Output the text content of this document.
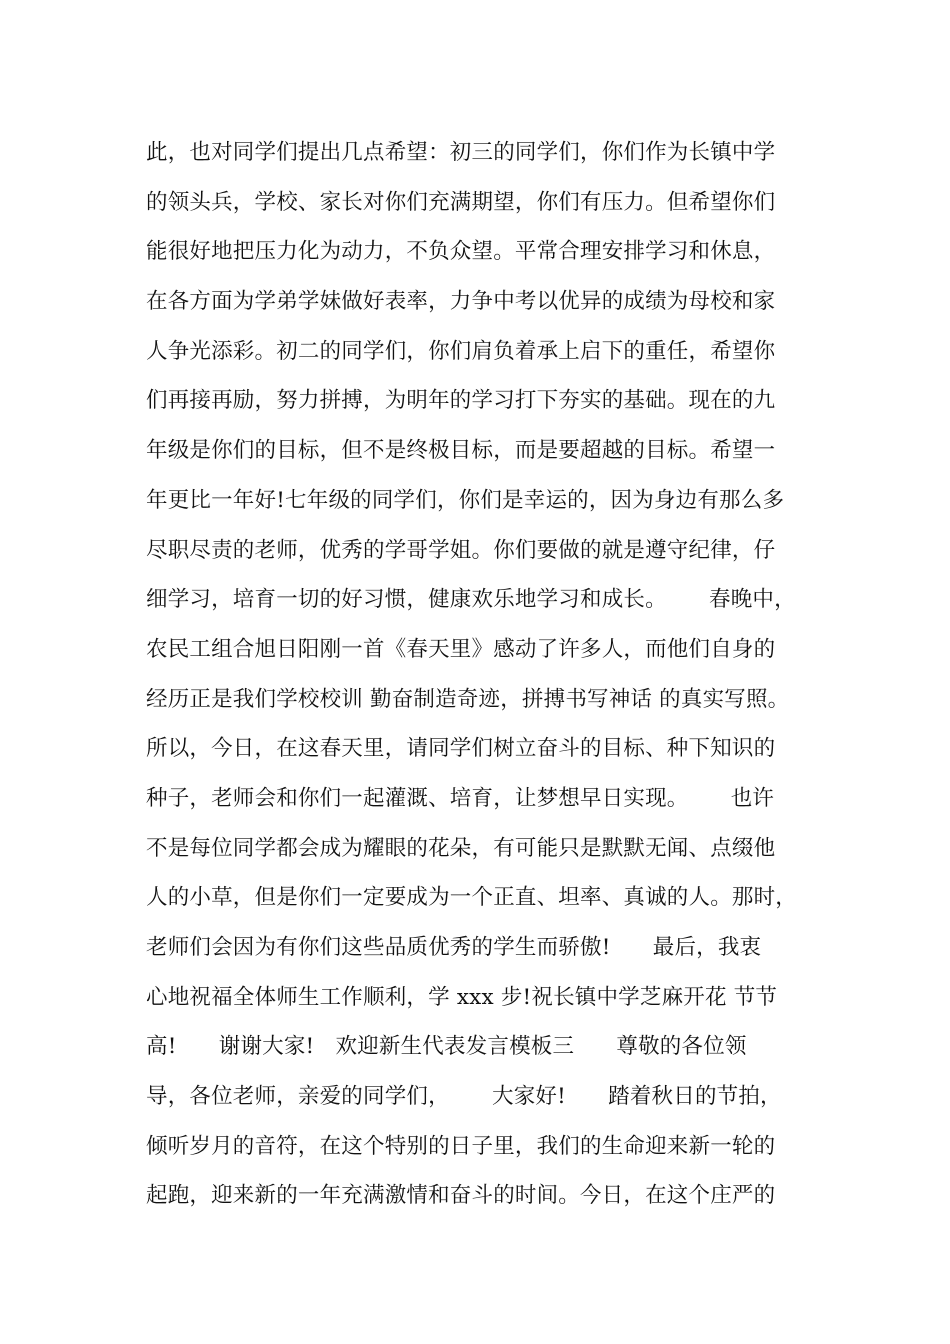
此，也对同学们提出几点希望：初三的同学们，你们作为长镇中学
的领头兵，学校、家长对你们充满期望，你们有压力。但希望你们
能很好地把压力化为动力，不负众望。平常合理安排学习和休息，
在各方面为学弟学妹做好表率，力争中考以优异的成绩为母校和家
人争光添彩。初二的同学们，你们肩负着承上启下的重任，希望你
们再接再励，努力拼搏，为明年的学习打下夯实的基础。现在的九
年级是你们的目标，但不是终极目标，而是要超越的目标。希望一
年更比一年好!七年级的同学们，你们是幸运的，因为身边有那么多
尽职尽责的老师，优秀的学哥学姐。你们要做的就是遵守纪律，仔
细学习，培育一切的好习惯，健康欢乐地学习和成长。      春晚中，
农民工组合旭日阳刚一首《春天里》感动了许多人，而他们自身的
经历正是我们学校校训 勤奋制造奇迹，拼搏书写神话 的真实写照。
所以，今日，在这春天里，请同学们树立奋斗的目标、种下知识的
种子，老师会和你们一起灌溉、培育，让梦想早日实现。      也许
不是每位同学都会成为耀眼的花朵，有可能只是默默无闻、点缀他
人的小草，但是你们一定要成为一个正直、坦率、真诚的人。那时，
老师们会因为有你们这些品质优秀的学生而骄傲!      最后，我衷
心地祝福全体师生工作顺利，学 xxx 步!祝长镇中学芝麻开花 节节
高!      谢谢大家!   欢迎新生代表发言模板三      尊敬的各位领
导，各位老师，亲爱的同学们，      大家好!      踏着秋日的节拍，
倾听岁月的音符，在这个特别的日子里，我们的生命迎来新一轮的
起跑，迎来新的一年充满激情和奋斗的时间。今日，在这个庄严的
